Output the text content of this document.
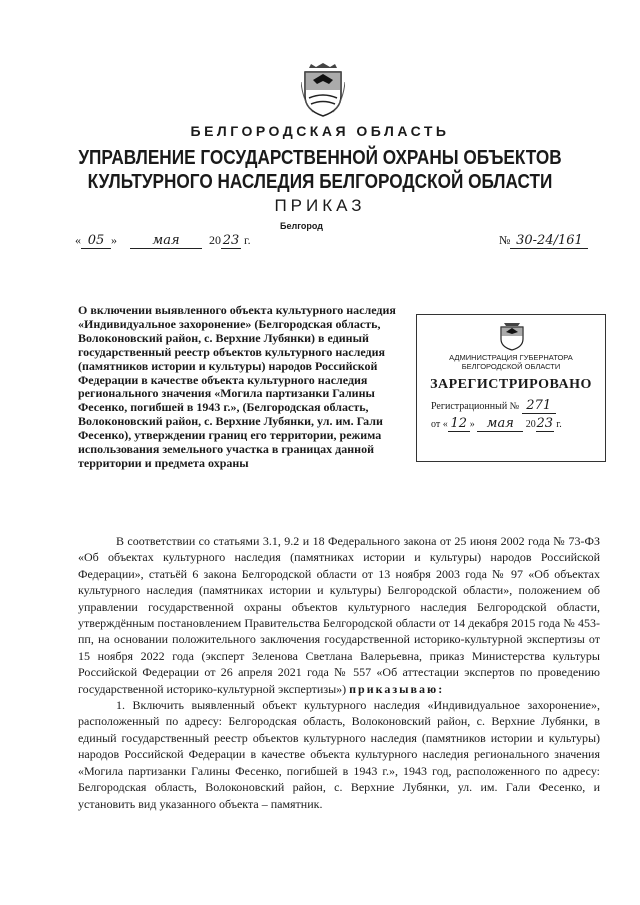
БЕЛГОРОДСКАЯ ОБЛАСТЬ
УПРАВЛЕНИЕ ГОСУДАРСТВЕННОЙ ОХРАНЫ ОБЪЕКТОВ
КУЛЬТУРНОГО НАСЛЕДИЯ БЕЛГОРОДСКОЙ ОБЛАСТИ
ПРИКАЗ
Белгород
« 05 »	мая 20 23 г.	№ 30-24/161
О включении выявленного объекта культурного наследия «Индивидуальное захоронение» (Белгородская область, Волоконовский район, с. Верхние Лубянки) в единый государственный реестр объектов культурного наследия (памятников истории и культуры) народов Российской Федерации в качестве объекта культурного наследия регионального значения «Могила партизанки Галины Фесенко, погибшей в 1943 г.», (Белгородская область, Волоконовский район, с. Верхние Лубянки, ул. им. Гали Фесенко), утверждении границ его территории, режима использования земельного участка в границах данной территории и предмета охраны
АДМИНИСТРАЦИЯ ГУБЕРНАТОРА
БЕЛГОРОДСКОЙ ОБЛАСТИ
ЗАРЕГИСТРИРОВАНО
Регистрационный № 271
от « 12 » мая 2023 г.

В соответствии со статьями 3.1, 9.2 и 18 Федерального закона от 25 июня 2002 года № 73-ФЗ «Об объектах культурного наследия (памятниках истории и культуры) народов Российской Федерации», статьёй 6 закона Белгородской области от 13 ноября 2003 года № 97 «Об объектах культурного наследия (памятниках истории и культуры) Белгородской области», положением об управлении государственной охраны объектов культурного наследия Белгородской области, утверждённым постановлением Правительства Белгородской области от 14 декабря 2015 года № 453-пп, на основании положительного заключения государственной историко-культурной экспертизы от 15 ноября 2022 года (эксперт Зеленова Светлана Валерьевна, приказ Министерства культуры Российской Федерации от 26 апреля 2021 года № 557 «Об аттестации экспертов по проведению государственной историко-культурной экспертизы») приказываю:

1. Включить выявленный объект культурного наследия «Индивидуальное захоронение», расположенный по адресу: Белгородская область, Волоконовский район, с. Верхние Лубянки, в единый государственный реестр объектов культурного наследия (памятников истории и культуры) народов Российской Федерации в качестве объекта культурного наследия регионального значения «Могила партизанки Галины Фесенко, погибшей в 1943 г.», 1943 год, расположенного по адресу: Белгородская область, Волоконовский район, с. Верхние Лубянки, ул. им. Гали Фесенко, и установить вид указанного объекта – памятник.
